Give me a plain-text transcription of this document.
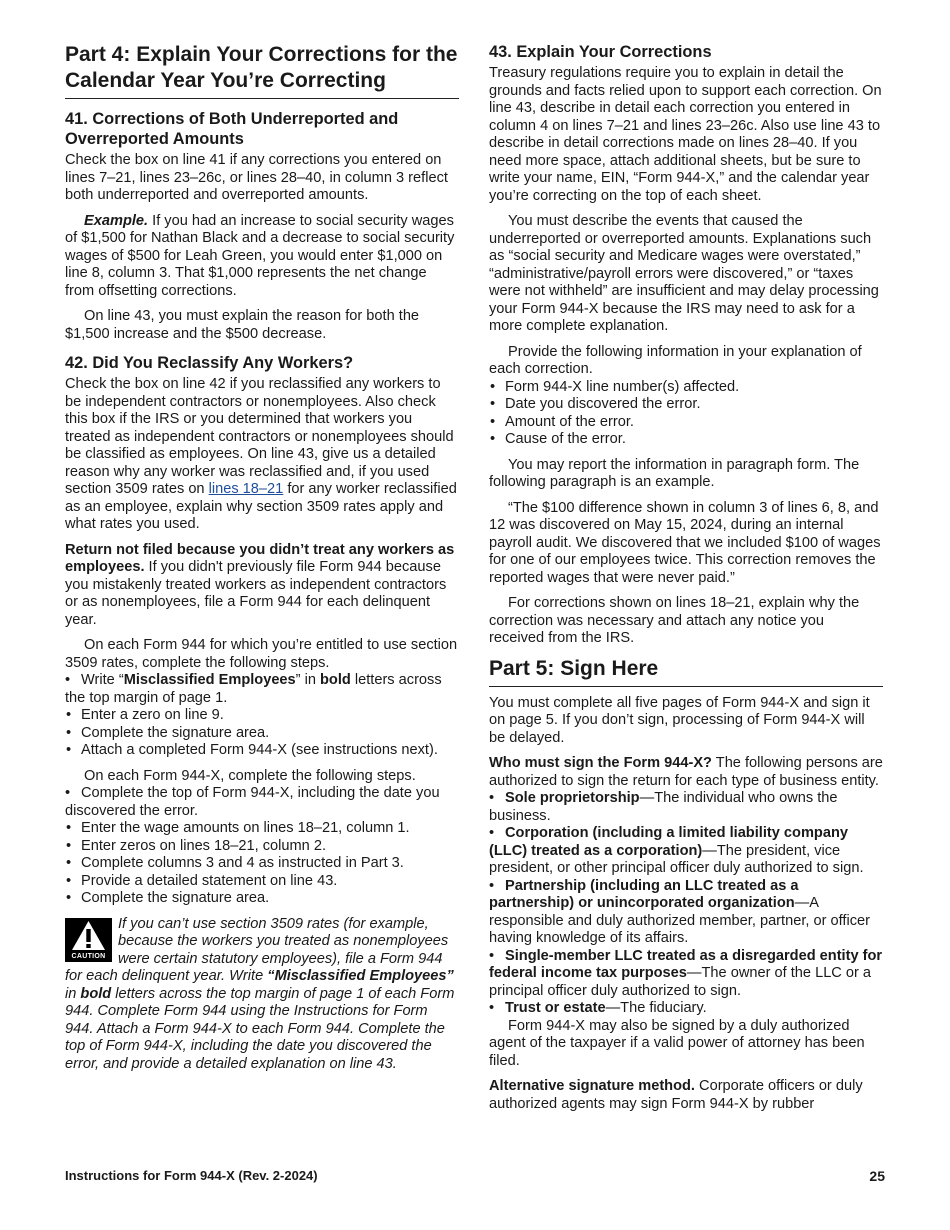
Part 4: Explain Your Corrections for the Calendar Year You’re Correcting
41. Corrections of Both Underreported and Overreported Amounts

Check the box on line 41 if any corrections you entered on lines 7–21, lines 23–26c, or lines 28–40, in column 3 reflect both underreported and overreported amounts.

Example. If you had an increase to social security wages of $1,500 for Nathan Black and a decrease to social security wages of $500 for Leah Green, you would enter $1,000 on line 8, column 3. That $1,000 represents the net change from offsetting corrections.

On line 43, you must explain the reason for both the $1,500 increase and the $500 decrease.

42. Did You Reclassify Any Workers?

Check the box on line 42 if you reclassified any workers to be independent contractors or nonemployees. Also check this box if the IRS or you determined that workers you treated as independent contractors or nonemployees should be classified as employees. On line 43, give us a detailed reason why any worker was reclassified and, if you used section 3509 rates on lines 18–21 for any worker reclassified as an employee, explain why section 3509 rates apply and what rates you used.

Return not filed because you didn’t treat any workers as employees. If you didn't previously file Form 944 because you mistakenly treated workers as independent contractors or as nonemployees, file a Form 944 for each delinquent year.

On each Form 944 for which you’re entitled to use section 3509 rates, complete the following steps.

• Write “Misclassified Employees” in bold letters across the top margin of page 1.
• Enter a zero on line 9.
• Complete the signature area.
• Attach a completed Form 944-X (see instructions next).

On each Form 944-X, complete the following steps.

• Complete the top of Form 944-X, including the date you discovered the error.
• Enter the wage amounts on lines 18–21, column 1.
• Enter zeros on lines 18–21, column 2.
• Complete columns 3 and 4 as instructed in Part 3.
• Provide a detailed statement on line 43.
• Complete the signature area.
CAUTION
If you can’t use section 3509 rates (for example, because the workers you treated as nonemployees were certain statutory employees), file a Form 944 for each delinquent year. Write “Misclassified Employees” in bold letters across the top margin of page 1 of each Form 944. Complete Form 944 using the Instructions for Form 944. Attach a Form 944-X to each Form 944. Complete the top of Form 944-X, including the date you discovered the error, and provide a detailed explanation on line 43.
43. Explain Your Corrections

Treasury regulations require you to explain in detail the grounds and facts relied upon to support each correction. On line 43, describe in detail each correction you entered in column 4 on lines 7–21 and lines 23–26c. Also use line 43 to describe in detail corrections made on lines 28–40. If you need more space, attach additional sheets, but be sure to write your name, EIN, “Form 944-X,” and the calendar year you’re correcting on the top of each sheet.

You must describe the events that caused the underreported or overreported amounts. Explanations such as “social security and Medicare wages were overstated,” “administrative/payroll errors were discovered,” or “taxes were not withheld” are insufficient and may delay processing your Form 944-X because the IRS may need to ask for a more complete explanation.

Provide the following information in your explanation of each correction.

• Form 944-X line number(s) affected.
• Date you discovered the error.
• Amount of the error.
• Cause of the error.

You may report the information in paragraph form. The following paragraph is an example.

“The $100 difference shown in column 3 of lines 6, 8, and 12 was discovered on May 15, 2024, during an internal payroll audit. We discovered that we included $100 of wages for one of our employees twice. This correction removes the reported wages that were never paid.”

For corrections shown on lines 18–21, explain why the correction was necessary and attach any notice you received from the IRS.

Part 5: Sign Here

You must complete all five pages of Form 944-X and sign it on page 5. If you don’t sign, processing of Form 944-X will be delayed.

Who must sign the Form 944-X? The following persons are authorized to sign the return for each type of business entity.

• Sole proprietorship—The individual who owns the business.
• Corporation (including a limited liability company (LLC) treated as a corporation)—The president, vice president, or other principal officer duly authorized to sign.
• Partnership (including an LLC treated as a partnership) or unincorporated organization—A responsible and duly authorized member, partner, or officer having knowledge of its affairs.
• Single-member LLC treated as a disregarded entity for federal income tax purposes—The owner of the LLC or a principal officer duly authorized to sign.
• Trust or estate—The fiduciary.

Form 944-X may also be signed by a duly authorized agent of the taxpayer if a valid power of attorney has been filed.

Alternative signature method. Corporate officers or duly authorized agents may sign Form 944-X by rubber

Instructions for Form 944-X (Rev. 2-2024)	25
